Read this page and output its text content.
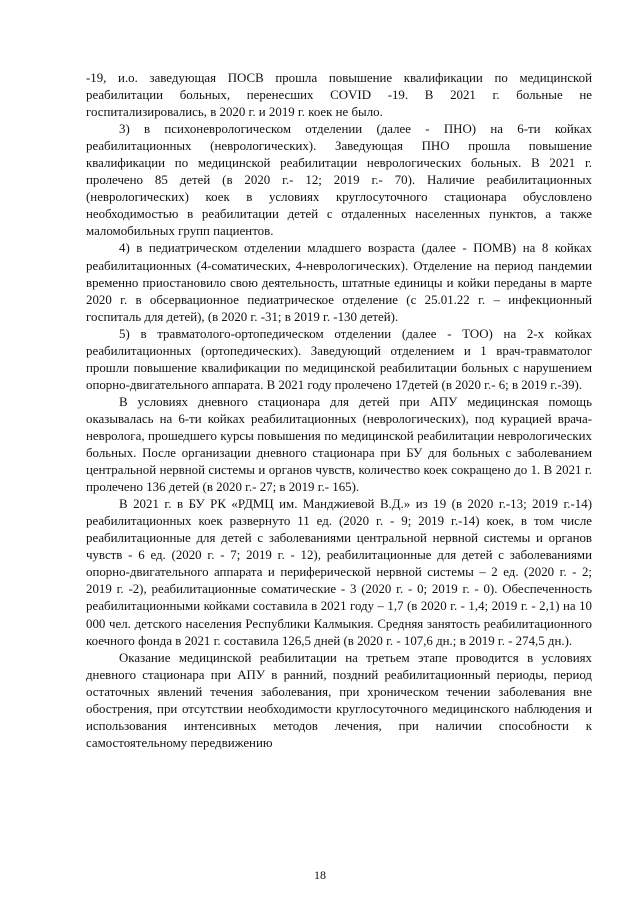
-19, и.о. заведующая ПОСВ прошла повышение квалификации по медицинской реабилитации больных, перенесших COVID -19. В 2021 г. больные не госпитализировались, в 2020 г. и 2019 г. коек не было.

3) в психоневрологическом отделении (далее - ПНО) на 6-ти койках реабилитационных (неврологических). Заведующая ПНО прошла повышение квалификации по медицинской реабилитации неврологических больных. В 2021 г. пролечено 85 детей (в 2020 г.- 12; 2019 г.- 70). Наличие реабилитационных (неврологических) коек в условиях круглосуточного стационара обусловлено необходимостью в реабилитации детей с отдаленных населенных пунктов, а также маломобильных групп пациентов.

4) в педиатрическом отделении младшего возраста (далее - ПОМВ) на 8 койках реабилитационных (4-соматических, 4-неврологических). Отделение на период пандемии временно приостановило свою деятельность, штатные единицы и койки переданы в марте 2020 г. в обсервационное педиатрическое отделение (с 25.01.22 г. – инфекционный госпиталь для детей), (в 2020 г. -31; в 2019 г. -130 детей).

5) в травматолого-ортопедическом отделении (далее - ТОО) на 2-х койках реабилитационных (ортопедических). Заведующий отделением и 1 врач-травматолог прошли повышение квалификации по медицинской реабилитации больных с нарушением опорно-двигательного аппарата. В 2021 году пролечено 17детей (в 2020 г.- 6; в 2019 г.-39).

В условиях дневного стационара для детей при АПУ медицинская помощь оказывалась на 6-ти койках реабилитационных (неврологических), под курацией врача-невролога, прошедшего курсы повышения по медицинской реабилитации неврологических больных. После организации дневного стационара при БУ для больных с заболеванием центральной нервной системы и органов чувств, количество коек сокращено до 1. В 2021 г. пролечено 136 детей (в 2020 г.- 27; в 2019 г.- 165).

В 2021 г. в БУ РК «РДМЦ им. Манджиевой В.Д.» из 19 (в 2020 г.-13; 2019 г.-14) реабилитационных коек развернуто 11 ед. (2020 г. - 9; 2019 г.-14) коек, в том числе реабилитационные для детей с заболеваниями центральной нервной системы и органов чувств - 6 ед. (2020 г. - 7; 2019 г. - 12), реабилитационные для детей с заболеваниями опорно-двигательного аппарата и периферической нервной системы – 2 ед. (2020 г. - 2; 2019 г. -2), реабилитационные соматические - 3 (2020 г. - 0; 2019 г. - 0). Обеспеченность реабилитационными койками составила в 2021 году – 1,7 (в 2020 г. - 1,4; 2019 г. - 2,1) на 10 000 чел. детского населения Республики Калмыкия. Средняя занятость реабилитационного коечного фонда в 2021 г. составила 126,5 дней (в 2020 г. - 107,6 дн.; в 2019 г. - 274,5 дн.).

Оказание медицинской реабилитации на третьем этапе проводится в условиях дневного стационара при АПУ в ранний, поздний реабилитационный периоды, период остаточных явлений течения заболевания, при хроническом течении заболевания вне обострения, при отсутствии необходимости круглосуточного медицинского наблюдения и использования интенсивных методов лечения, при наличии способности к самостоятельному передвижению

18
